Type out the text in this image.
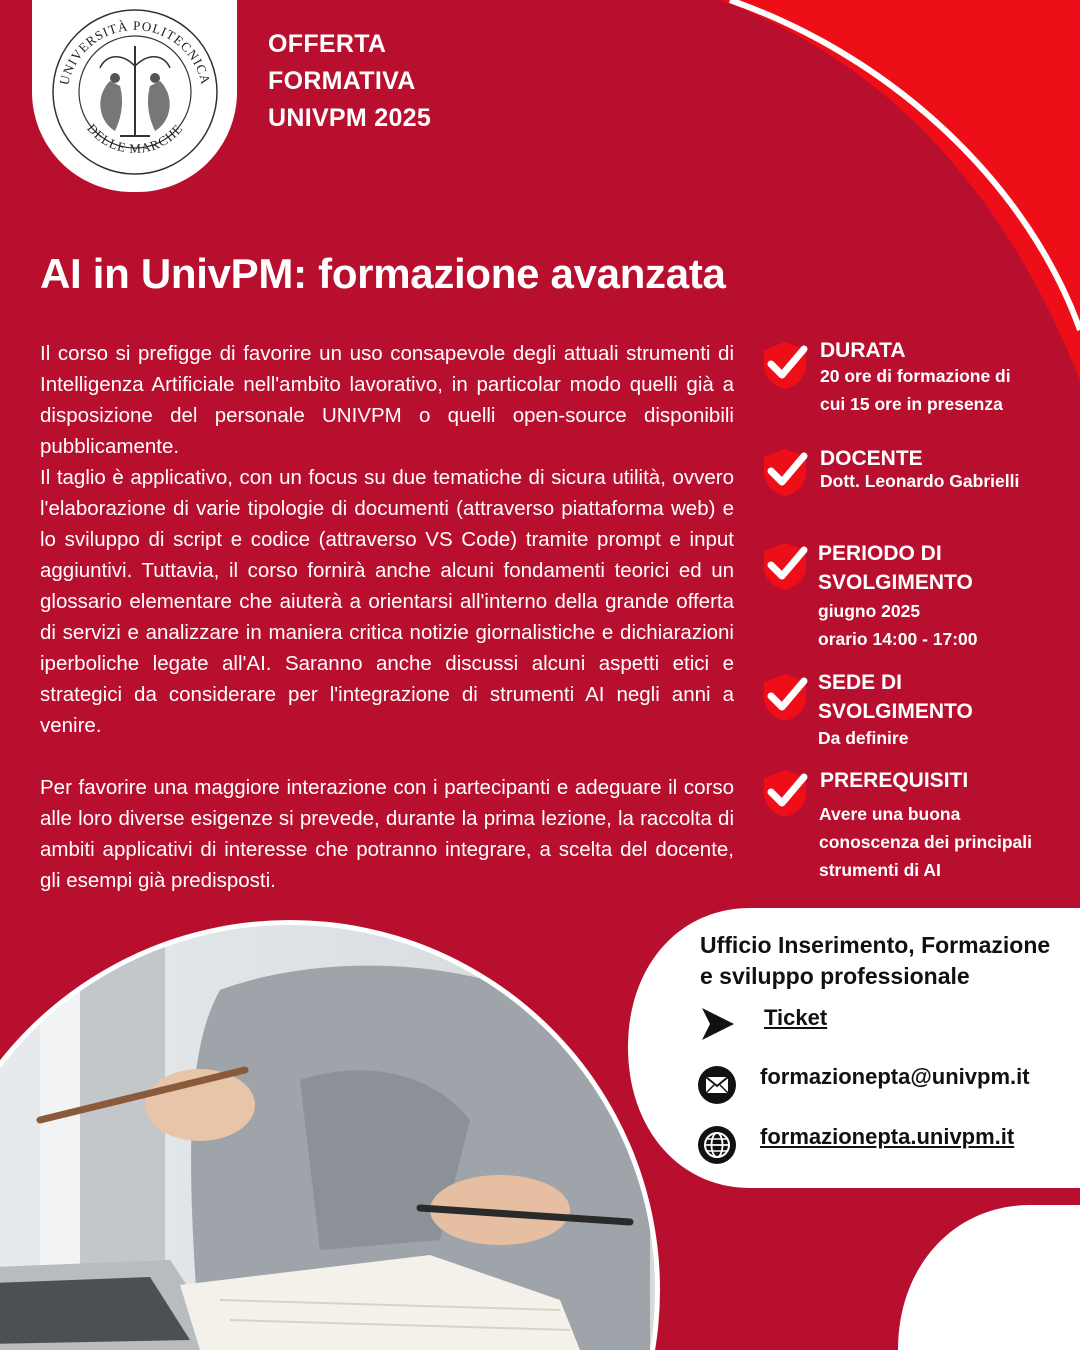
UNIVERSITÀ POLITECNICA
DELLE MARCHE
OFFERTA
FORMATIVA
UNIVPM 2025
AI in UnivPM: formazione avanzata

Il corso si prefigge di favorire un uso consapevole degli attuali strumenti di Intelligenza Artificiale nell'ambito lavorativo, in particolar modo quelli già a disposizione del personale UNIVPM o quelli open-source disponibili pubblicamente.

Il taglio è applicativo, con un focus su due tematiche di sicura utilità, ovvero l'elaborazione di varie tipologie di documenti (attraverso piattaforma web) e lo sviluppo di script e codice (attraverso VS Code) tramite prompt e input aggiuntivi. Tuttavia, il corso fornirà anche alcuni fondamenti teorici ed un glossario elementare che aiuterà a orientarsi all'interno della grande offerta di servizi e analizzare in maniera critica notizie giornalistiche e dichiarazioni iperboliche legate all'AI. Saranno anche discussi alcuni aspetti etici e strategici da considerare per l'integrazione di strumenti AI negli anni a venire.

Per favorire una maggiore interazione con i partecipanti e adeguare il corso alle loro diverse esigenze si prevede, durante la prima lezione, la raccolta di ambiti applicativi di interesse che potranno integrare, a scelta del docente, gli esempi già predisposti.

DURATA
20 ore di formazione di
cui 15 ore in presenza
DOCENTE
Dott. Leonardo Gabrielli
PERIODO DI
SVOLGIMENTO
giugno 2025
orario 14:00 - 17:00
SEDE DI
SVOLGIMENTO
Da definire
PREREQUISITI
Avere una buona
conoscenza dei principali
strumenti di AI
Ufficio Inserimento, Formazione
e sviluppo professionale
Ticket
formazionepta@univpm.it
formazionepta.univpm.it
